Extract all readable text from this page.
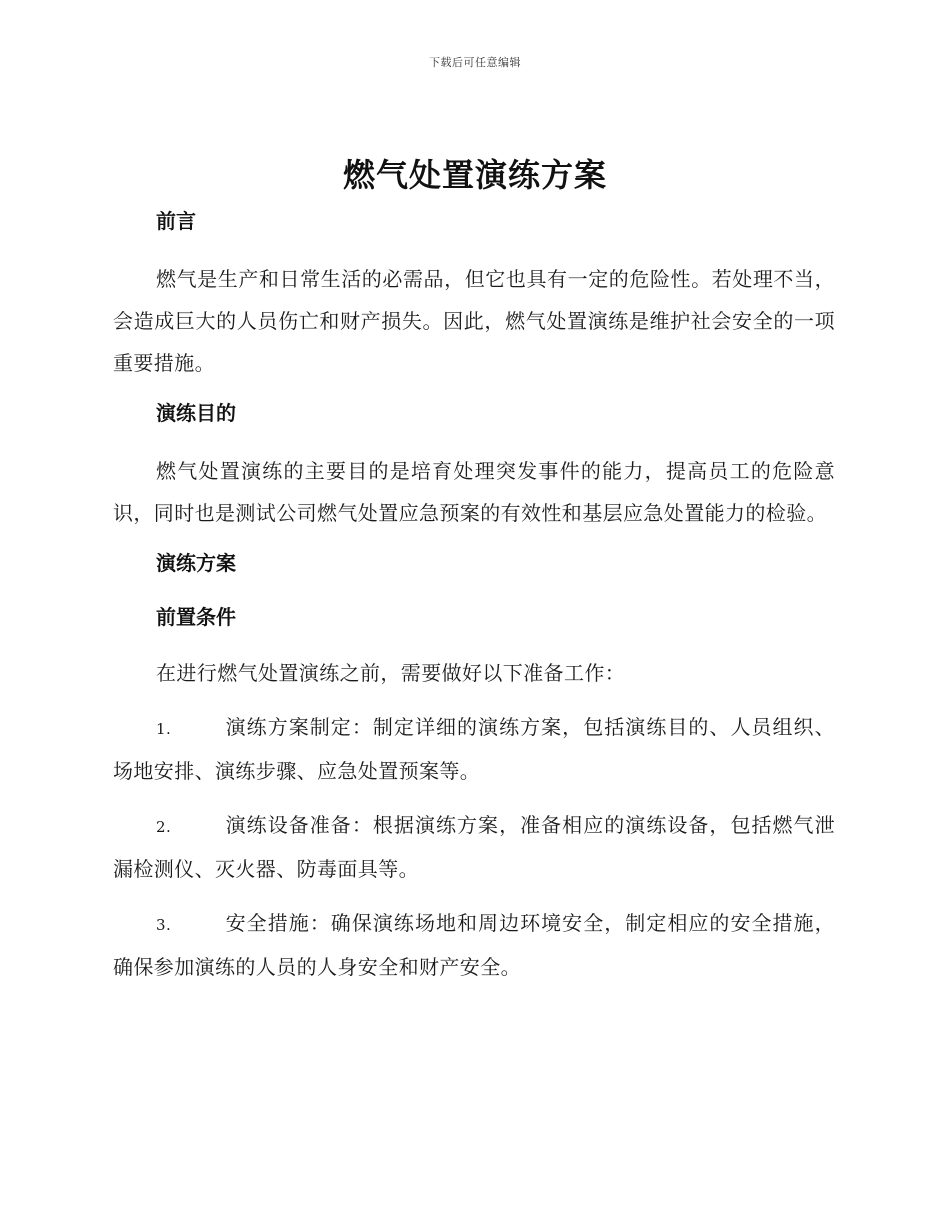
下载后可任意编辑
燃气处置演练方案
前言

燃气是生产和日常生活的必需品，但它也具有一定的危险性。若处理不当，会造成巨大的人员伤亡和财产损失。因此，燃气处置演练是维护社会安全的一项重要措施。

演练目的

燃气处置演练的主要目的是培育处理突发事件的能力，提高员工的危险意识，同时也是测试公司燃气处置应急预案的有效性和基层应急处置能力的检验。

演练方案
前置条件

在进行燃气处置演练之前，需要做好以下准备工作：

1.	演练方案制定：制定详细的演练方案，包括演练目的、人员组织、场地安排、演练步骤、应急处置预案等。

2.	演练设备准备：根据演练方案，准备相应的演练设备，包括燃气泄漏检测仪、灭火器、防毒面具等。

3.	安全措施：确保演练场地和周边环境安全，制定相应的安全措施，确保参加演练的人员的人身安全和财产安全。
